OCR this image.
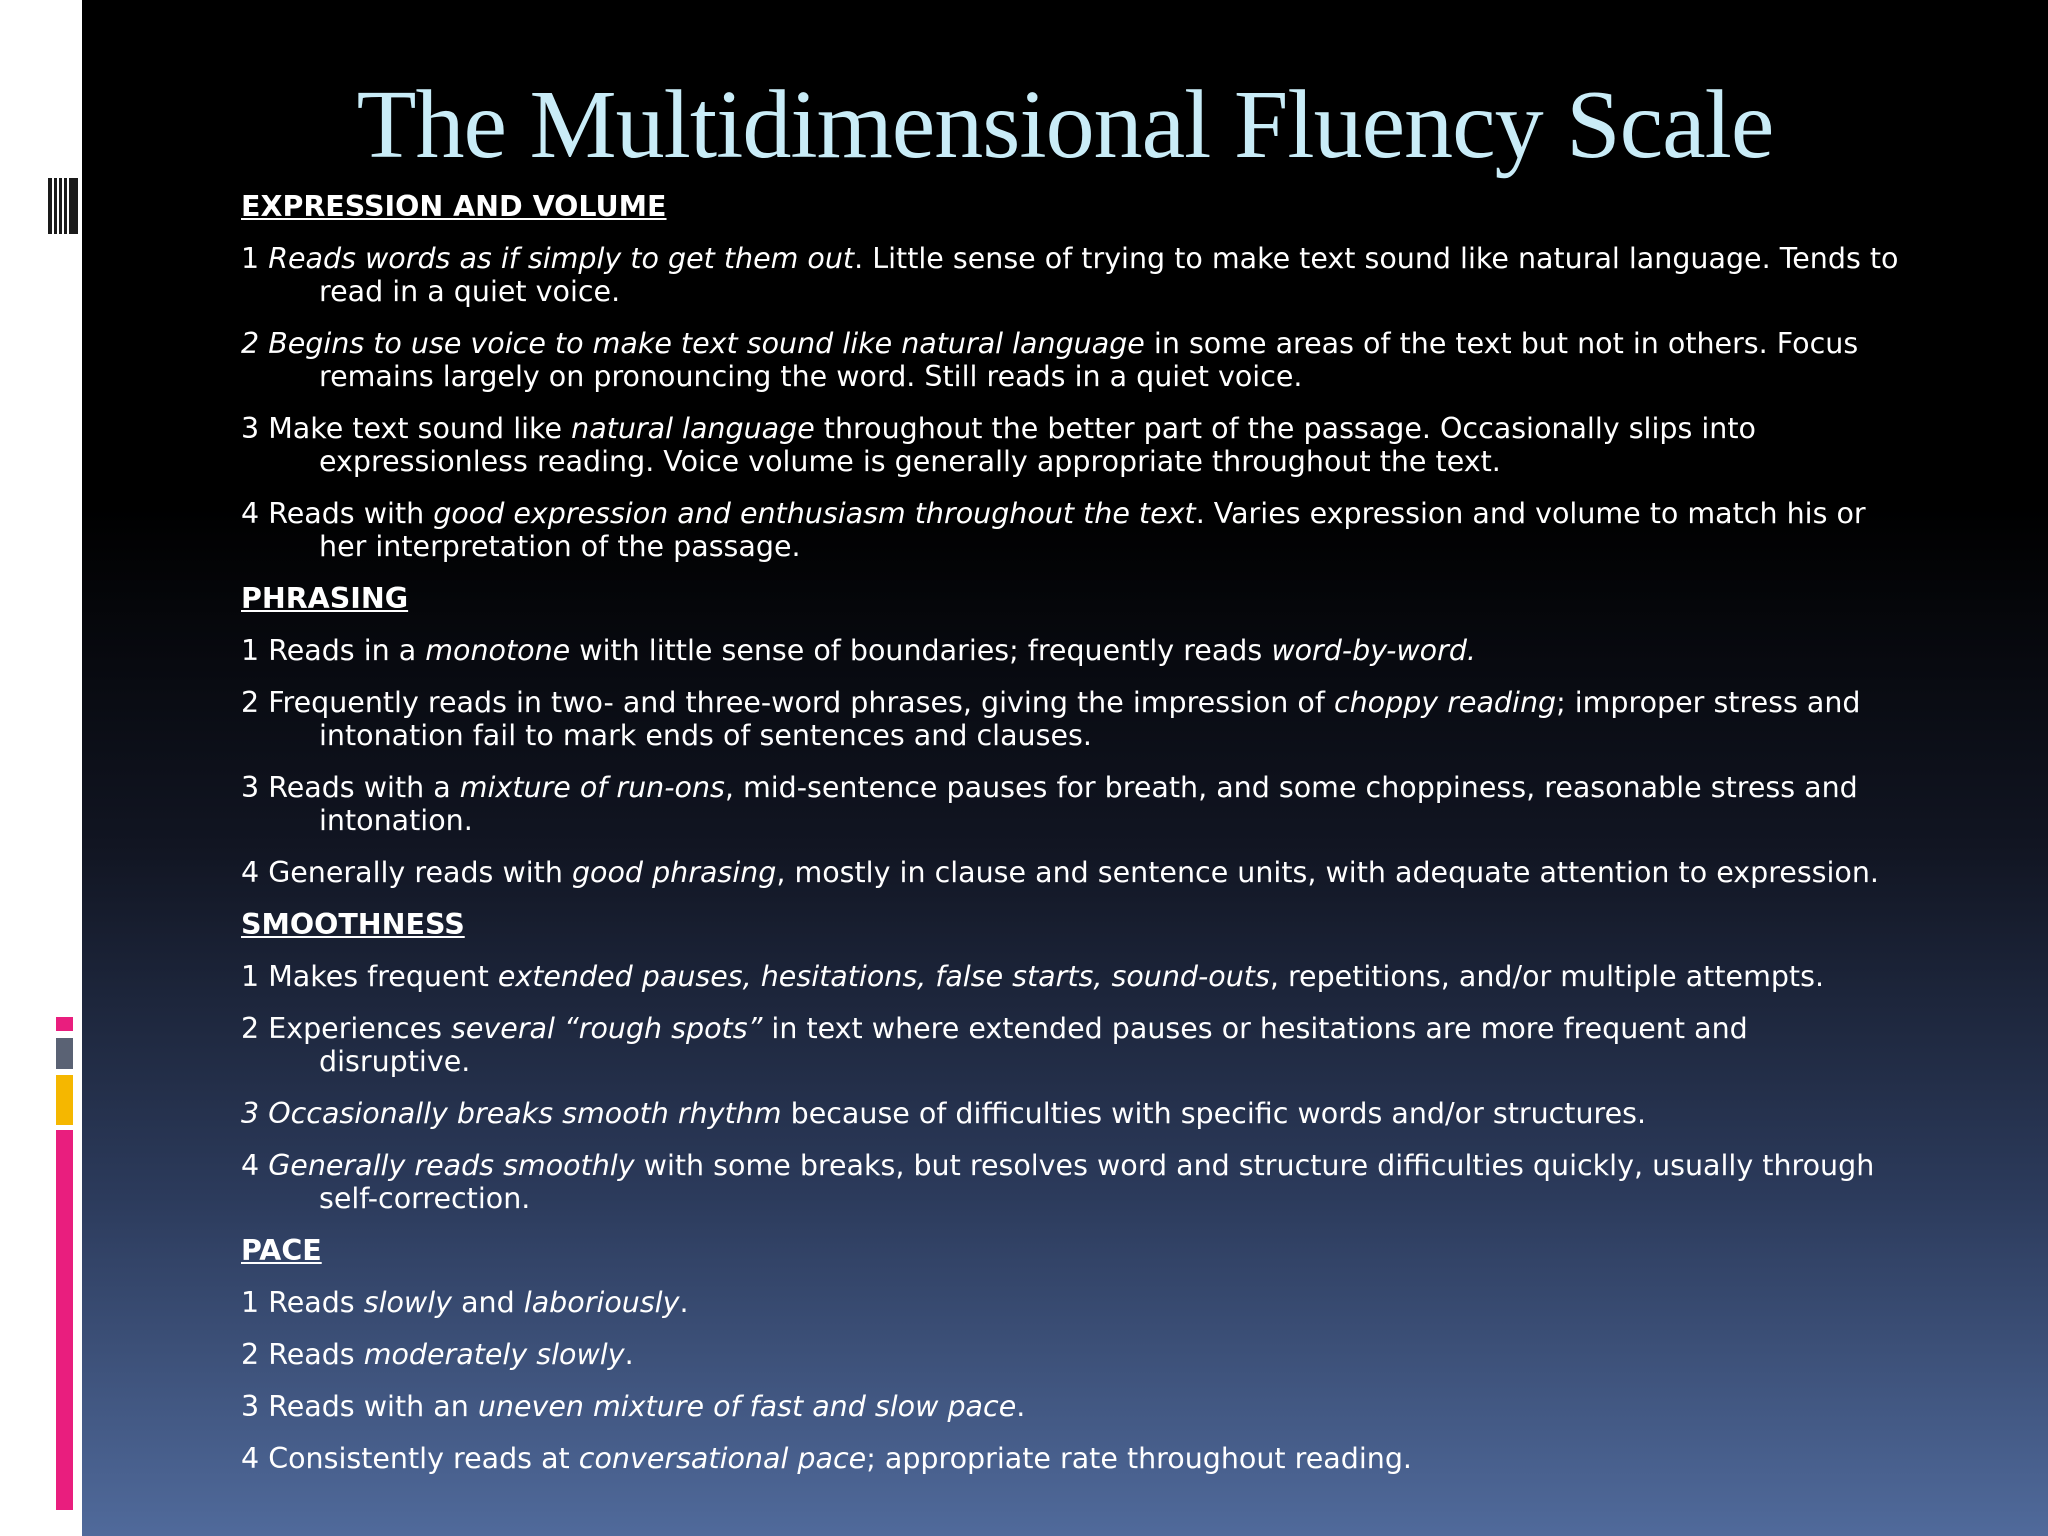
The Multidimensional Fluency Scale
EXPRESSION AND VOLUME
1 Reads words as if simply to get them out. Little sense of trying to make text sound like natural language. Tends to read in a quiet voice.
2 Begins to use voice to make text sound like natural language in some areas of the text but not in others. Focus remains largely on pronouncing the word. Still reads in a quiet voice.
3 Make text sound like natural language throughout the better part of the passage. Occasionally slips into expressionless reading. Voice volume is generally appropriate throughout the text.
4 Reads with good expression and enthusiasm throughout the text. Varies expression and volume to match his or her interpretation of the passage.
PHRASING
1 Reads in a monotone with little sense of boundaries; frequently reads word-by-word.
2 Frequently reads in two- and three-word phrases, giving the impression of choppy reading; improper stress and intonation fail to mark ends of sentences and clauses.
3 Reads with a mixture of run-ons, mid-sentence pauses for breath, and some choppiness, reasonable stress and intonation.
4 Generally reads with good phrasing, mostly in clause and sentence units, with adequate attention to expression.
SMOOTHNESS
1 Makes frequent extended pauses, hesitations, false starts, sound-outs, repetitions, and/or multiple attempts.
2 Experiences several “rough spots” in text where extended pauses or hesitations are more frequent and disruptive.
3 Occasionally breaks smooth rhythm because of difficulties with specific words and/or structures.
4 Generally reads smoothly with some breaks, but resolves word and structure difficulties quickly, usually through self-correction.
PACE
1 Reads slowly and laboriously.
2 Reads moderately slowly.
3 Reads with an uneven mixture of fast and slow pace.
4 Consistently reads at conversational pace; appropriate rate throughout reading.
